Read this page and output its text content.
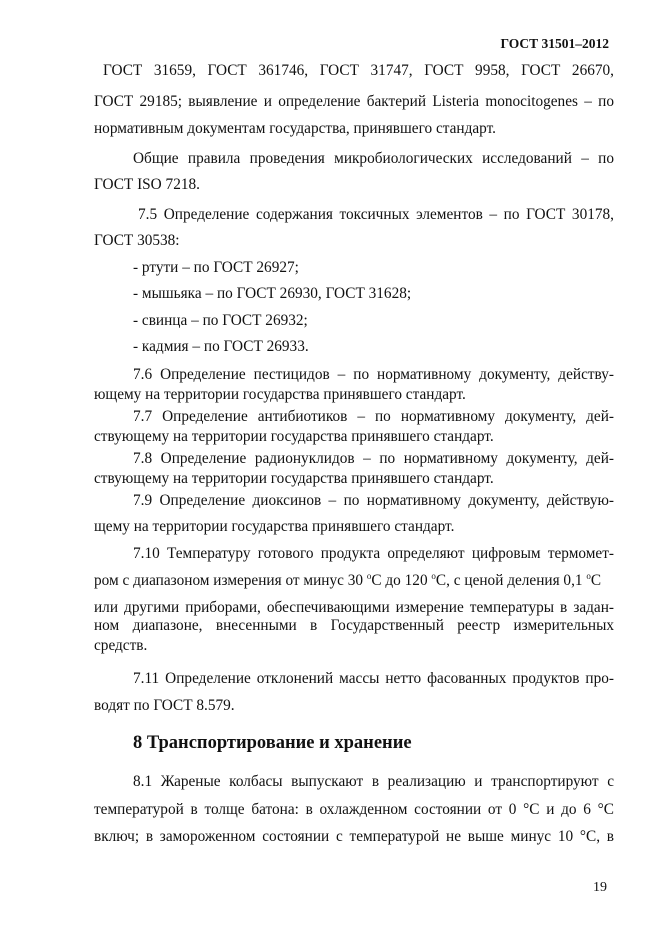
ГОСТ 31501–2012
ГОСТ 31659, ГОСТ 361746, ГОСТ 31747, ГОСТ 9958, ГОСТ 26670,
ГОСТ 29185; выявление и определение бактерий Listeria monocitogenes – по
нормативным документам государства, принявшего стандарт.
Общие правила проведения микробиологических исследований – по
ГОСТ ISO 7218.
7.5 Определение содержания токсичных элементов – по ГОСТ 30178,
ГОСТ 30538:
- ртути – по ГОСТ 26927;
- мышьяка – по ГОСТ 26930, ГОСТ 31628;
- свинца – по ГОСТ 26932;
- кадмия – по ГОСТ 26933.
7.6 Определение пестицидов – по нормативному документу, действу-
ющему на территории государства принявшего стандарт.
7.7 Определение антибиотиков – по нормативному документу, дей-
ствующему на территории государства принявшего стандарт.
7.8 Определение радионуклидов – по нормативному документу, дей-
ствующему на территории государства принявшего стандарт.
7.9 Определение диоксинов – по нормативному документу, действую-
щему на территории государства принявшего стандарт.
7.10 Температуру готового продукта определяют цифровым термомет-
ром с диапазоном измерения от минус 30 $^о$С до 120 $^о$С, с ценой деления 0,1 $^о$С
или другими приборами, обеспечивающими измерение температуры в задан-
ном диапазоне, внесенными в Государственный реестр измерительных
средств.
7.11 Определение отклонений массы нетто фасованных продуктов про-
водят по ГОСТ 8.579.
8 Транспортирование и хранение
8.1 Жареные колбасы выпускают в реализацию и транспортируют с
температурой в толще батона: в охлажденном состоянии от 0 °С и до 6 °С
включ; в замороженном состоянии с температурой не выше минус 10 °С, в
19
